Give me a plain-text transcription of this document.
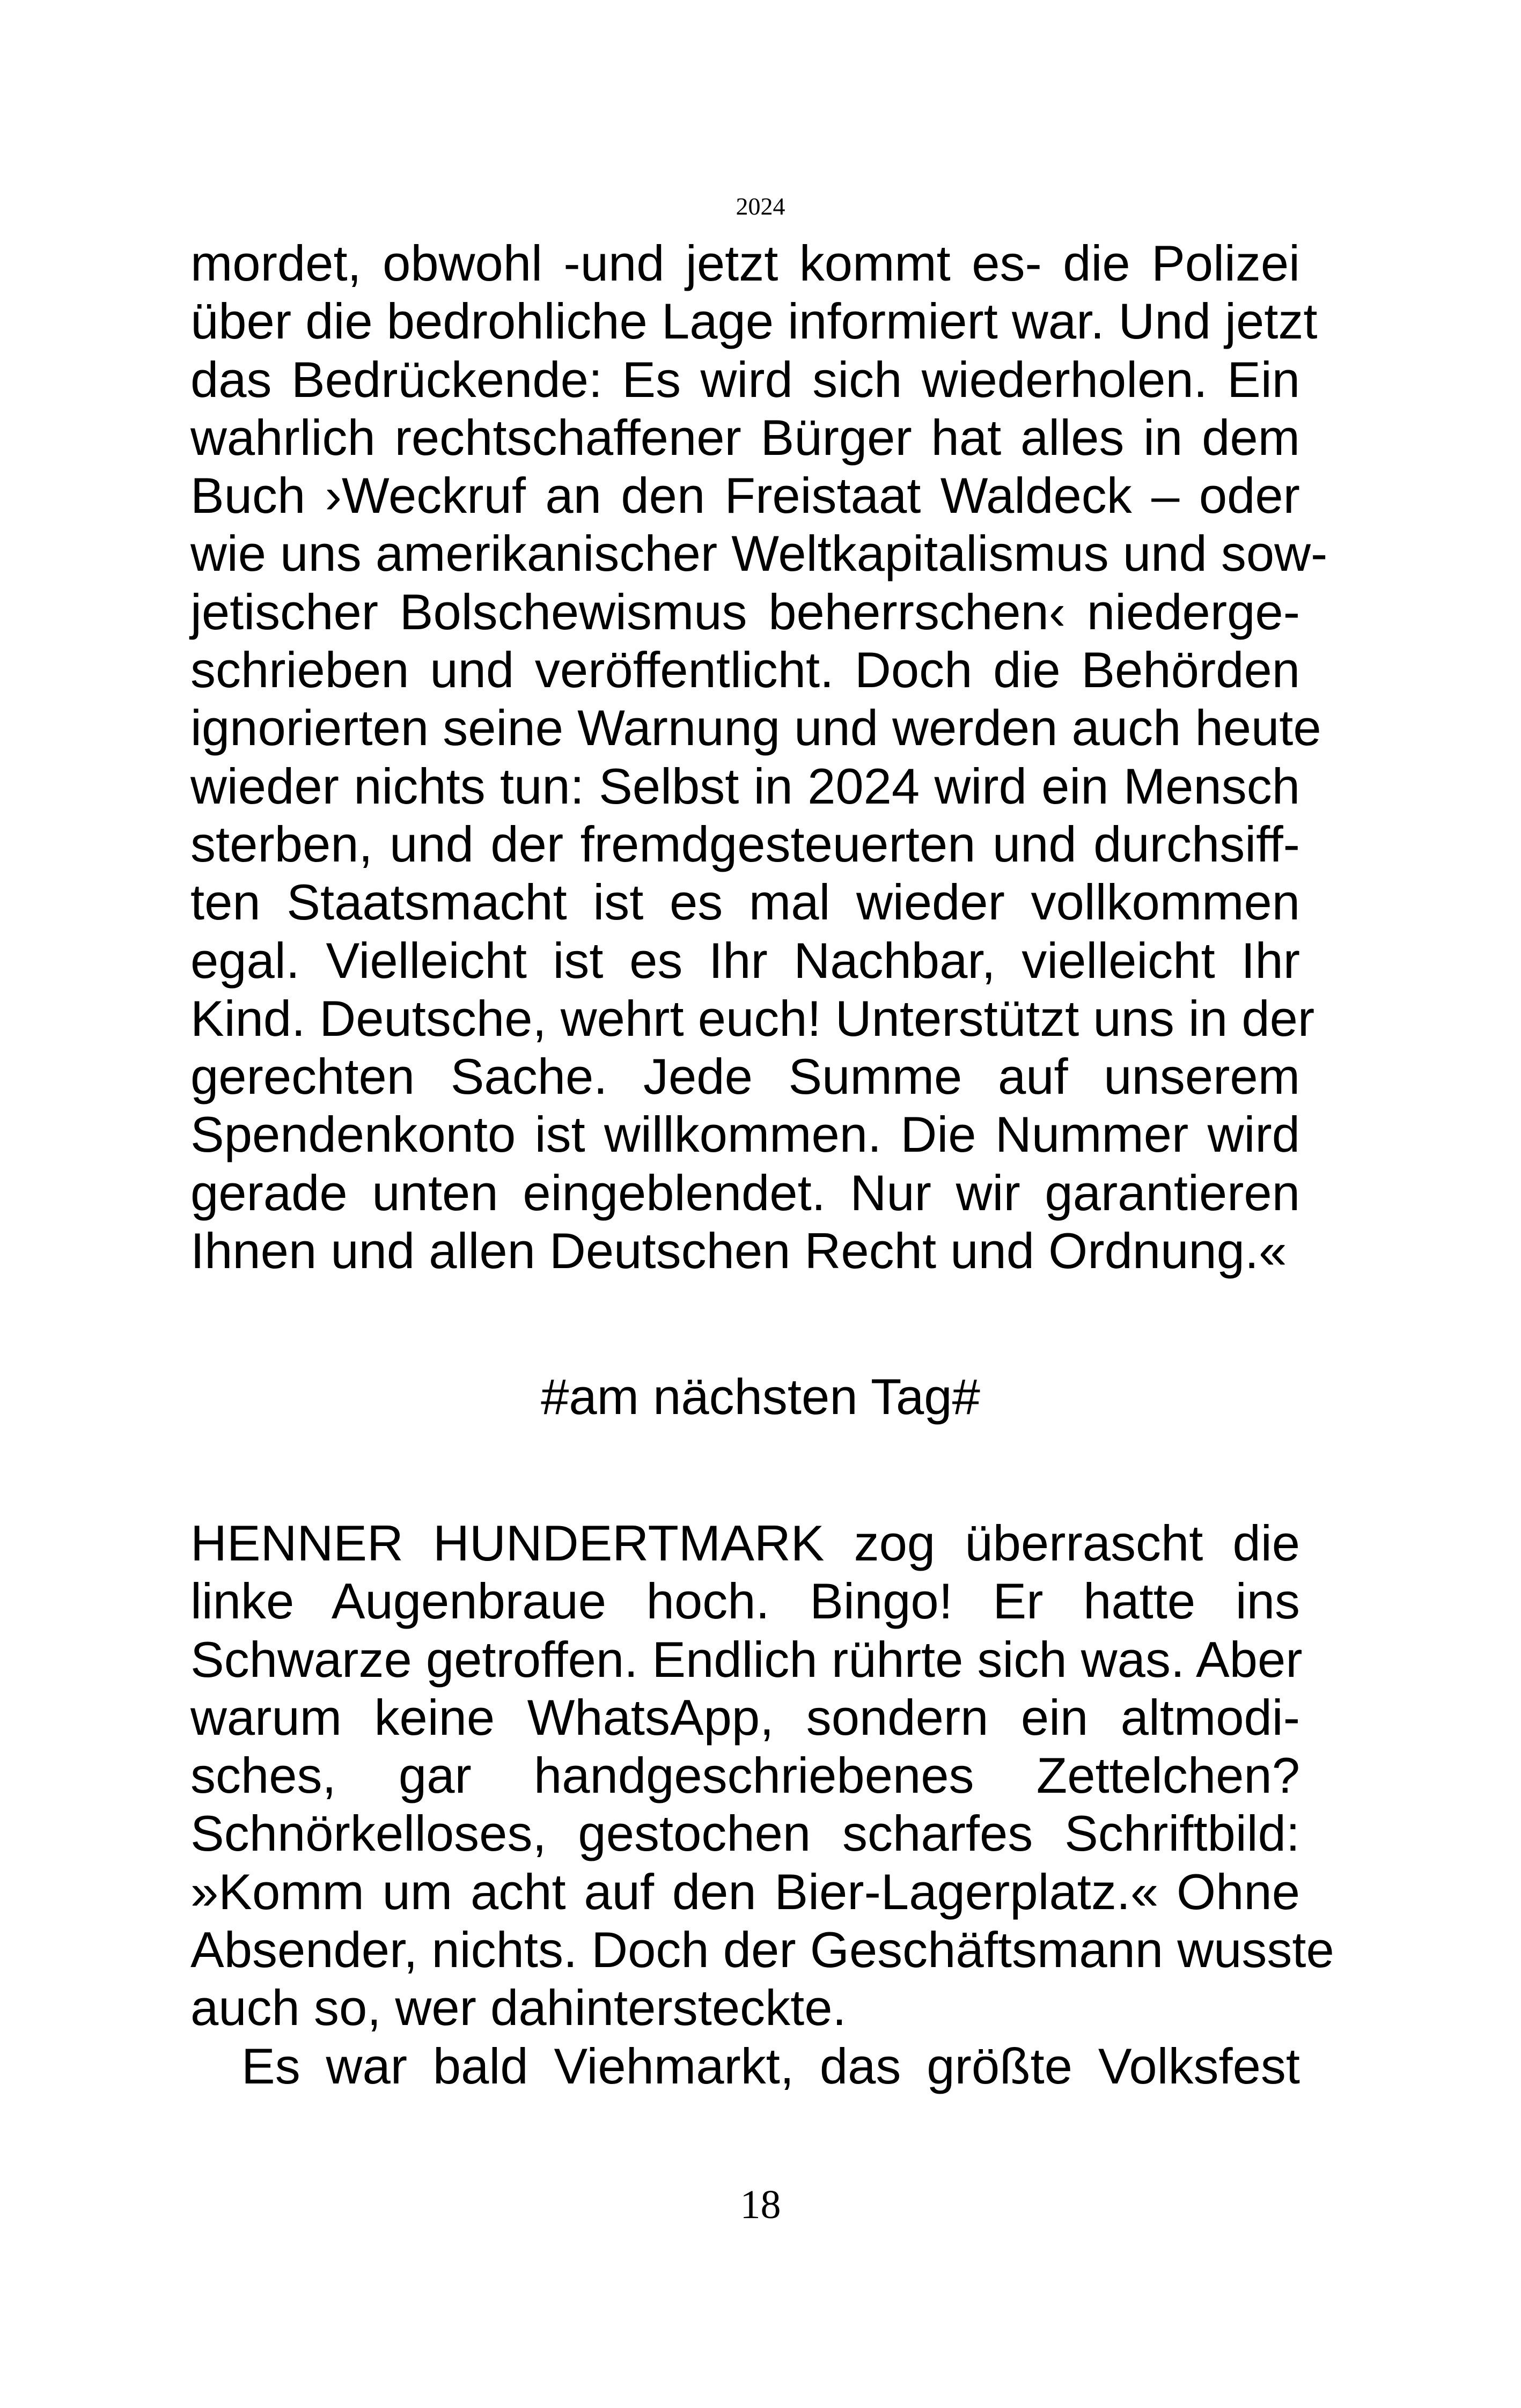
2024
mordet, obwohl -und jetzt kommt es- die Polizei
über die bedrohliche Lage informiert war. Und jetzt
das Bedrückende: Es wird sich wiederholen. Ein
wahrlich rechtschaffener Bürger hat alles in dem
Buch ›Weckruf an den Freistaat Waldeck – oder
wie uns amerikanischer Weltkapitalismus und sow-
jetischer Bolschewismus beherrschen‹ niederge-
schrieben und veröffentlicht. Doch die Behörden
ignorierten seine Warnung und werden auch heute
wieder nichts tun: Selbst in 2024 wird ein Mensch
sterben, und der fremdgesteuerten und durchsiff-
ten Staatsmacht ist es mal wieder vollkommen
egal. Vielleicht ist es Ihr Nachbar, vielleicht Ihr
Kind. Deutsche, wehrt euch! Unterstützt uns in der
gerechten Sache. Jede Summe auf unserem
Spendenkonto ist willkommen. Die Nummer wird
gerade unten eingeblendet. Nur wir garantieren
Ihnen und allen Deutschen Recht und Ordnung.«
#am nächsten Tag#
HENNER HUNDERTMARK zog überrascht die
linke Augenbraue hoch. Bingo! Er hatte ins
Schwarze getroffen. Endlich rührte sich was. Aber
warum keine WhatsApp, sondern ein altmodi-
sches, gar handgeschriebenes Zettelchen?
Schnörkelloses, gestochen scharfes Schriftbild:
»Komm um acht auf den Bier-Lagerplatz.« Ohne
Absender, nichts. Doch der Geschäftsmann wusste
auch so, wer dahintersteckte.
Es war bald Viehmarkt, das größte Volksfest
18
